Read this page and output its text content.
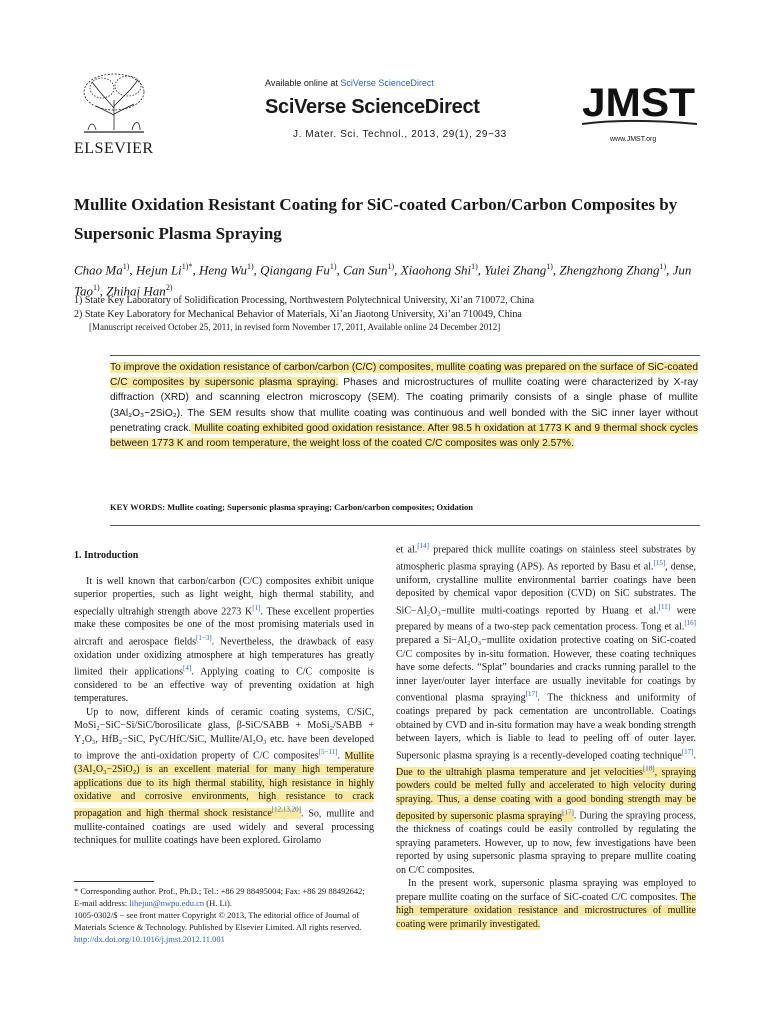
ELSEVIER
Available online at SciVerse ScienceDirect
SciVerse ScienceDirect
J. Mater. Sci. Technol., 2013, 29(1), 29−33
JMST
www.JMST.org
Mullite Oxidation Resistant Coating for SiC-coated Carbon/Carbon Composites by Supersonic Plasma Spraying
Chao Ma$^{1)}$, Hejun $Li^{1)*}$, Heng Wu$^{1)}$, Qiangang Fu$^{1)}$, Can Sun$^{1)}$, Xiaohong Shi$^{1)}$, Yulei Zhang$^{1)}$, Zhengzhong Zhang$^{1)}$, Jun Tao$^{1)}$, Zhihai Han$^{2)}$
1) State Key Laboratory of Solidification Processing, Northwestern Polytechnical University, Xi’an 710072, China
2) State Key Laboratory for Mechanical Behavior of Materials, Xi’an Jiaotong University, Xi’an 710049, China
[Manuscript received October 25, 2011, in revised form November 17, 2011, Available online 24 December 2012]
To improve the oxidation resistance of carbon/carbon (C/C) composites, mullite coating was prepared on the surface of SiC-coated C/C composites by supersonic plasma spraying. Phases and microstructures of mullite coating were characterized by X-ray diffraction (XRD) and scanning electron microscopy (SEM). The coating primarily consists of a single phase of mullite (3Al₂O₃−2SiO₂). The SEM results show that mullite coating was continuous and well bonded with the SiC inner layer without penetrating crack. Mullite coating exhibited good oxidation resistance. After 98.5 h oxidation at 1773 K and 9 thermal shock cycles between 1773 K and room temperature, the weight loss of the coated C/C composites was only 2.57%.
KEY WORDS: Mullite coating; Supersonic plasma spraying; Carbon/carbon composites; Oxidation
1. Introduction

It is well known that carbon/carbon (C/C) composites exhibit unique superior properties, such as light weight, high thermal stability, and especially ultrahigh strength above 2273 K[1]. These excellent properties make these composites be one of the most promising materials used in aircraft and aerospace fields[1−3]. Nevertheless, the drawback of easy oxidation under oxidizing atmosphere at high temperatures has greatly limited their applications[4]. Applying coating to C/C composite is considered to be an effective way of preventing oxidation at high temperatures.

Up to now, different kinds of ceramic coating systems, C/SiC, MoSi₂−SiC−Si/SiC/borosilicate glass, β-SiC/SABB + MoSi₂/SABB + Y₂O₃, HfB₂−SiC, PyC/HfC/SiC, Mullite/Al₂O₃ etc. have been developed to improve the anti-oxidation property of C/C composites[5−11]. Mullite (3Al₂O₃−2SiO₂) is an excellent material for many high temperature applications due to its high thermal stability, high resistance in highly oxidative and corrosive environments, high resistance to crack propagation and high thermal shock resistance[12,13,20]. So, mullite and mullite-contained coatings are used widely and several processing techniques for mullite coatings have been explored. Girolamo

* Corresponding author. Prof., Ph.D.; Tel.: +86 29 88495004; Fax: +86 29 88492642; E-mail address: lihejun@nwpu.edu.cn (H. Li).
1005-0302/$ − see front matter Copyright © 2013, The editorial office of Journal of Materials Science & Technology. Published by Elsevier Limited. All rights reserved.
http://dx.doi.org/10.1016/j.jmst.2012.11.001

et al.[14] prepared thick mullite coatings on stainless steel substrates by atmospheric plasma spraying (APS). As reported by Basu et al.[15], dense, uniform, crystalline mullite environmental barrier coatings have been deposited by chemical vapor deposition (CVD) on SiC substrates. The SiC−Al₂O₃−mullite multi-coatings reported by Huang et al.[11] were prepared by means of a two-step pack cementation process. Tong et al.[16] prepared a Si−Al₂O₃−mullite oxidation protective coating on SiC-coated C/C composites by in-situ formation. However, these coating techniques have some defects. “Splat” boundaries and cracks running parallel to the inner layer/outer layer interface are usually inevitable for coatings by conventional plasma spraying[17]. The thickness and uniformity of coatings prepared by pack cementation are uncontrollable. Coatings obtained by CVD and in-situ formation may have a weak bonding strength between layers, which is liable to lead to peeling off of outer layer. Supersonic plasma spraying is a recently-developed coating technique[17]. Due to the ultrahigh plasma temperature and jet velocities[18], spraying powders could be melted fully and accelerated to high velocity during spraying. Thus, a dense coating with a good bonding strength may be deposited by supersonic plasma spraying[17]. During the spraying process, the thickness of coatings could be easily controlled by regulating the spraying parameters. However, up to now, few investigations have been reported by using supersonic plasma spraying to prepare mullite coating on C/C composites.

In the present work, supersonic plasma spraying was employed to prepare mullite coating on the surface of SiC-coated C/C composites. The high temperature oxidation resistance and microstructures of mullite coating were primarily investigated.
